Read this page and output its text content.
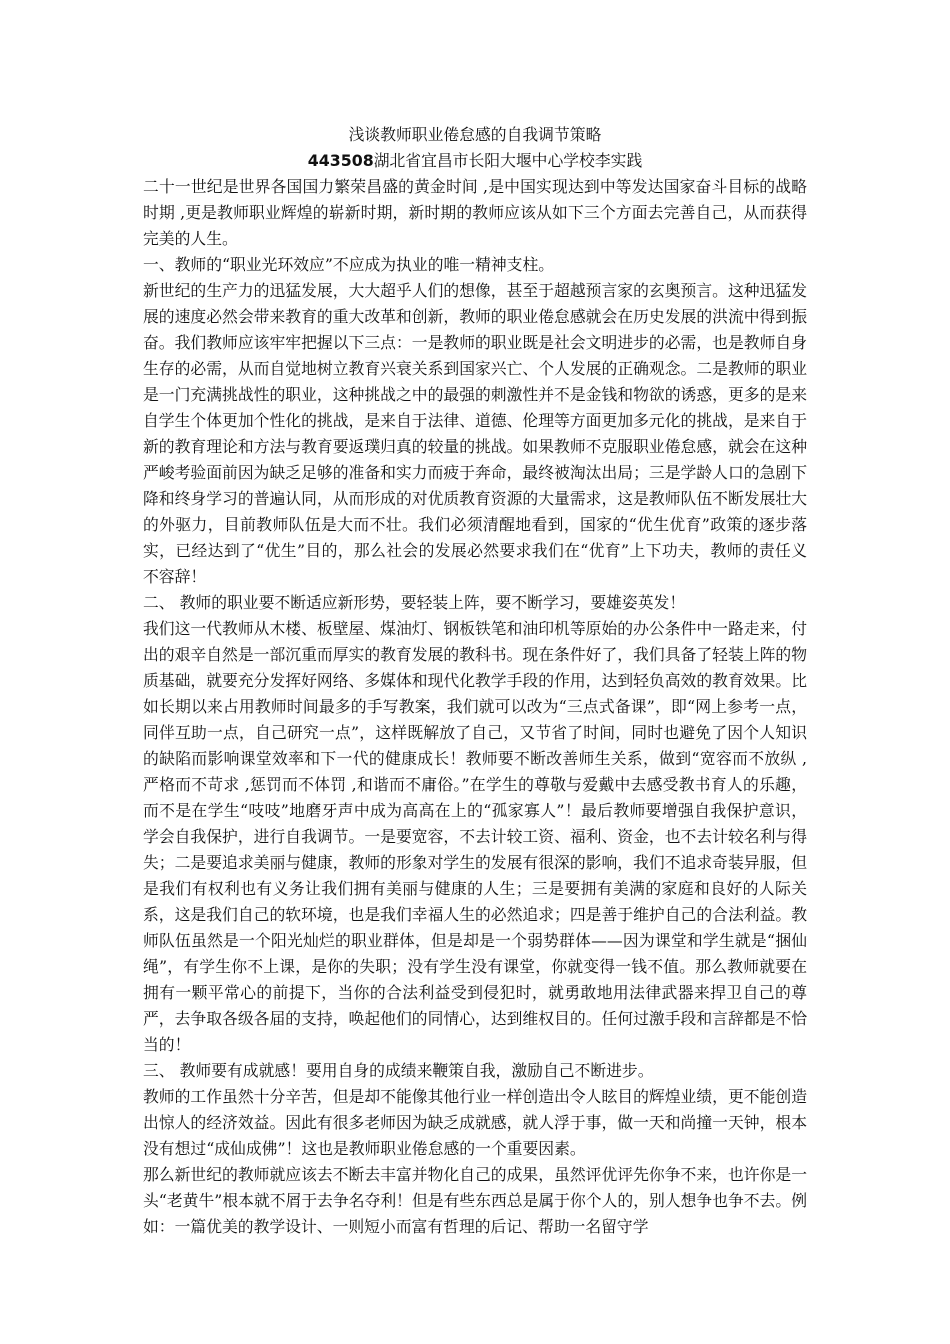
浅谈教师职业倦怠感的自我调节策略
443508湖北省宜昌市长阳大堰中心学校李实践

二十一世纪是世界各国国力繁荣昌盛的黄金时间 ,是中国实现达到中等发达国家奋斗目标的战略时期 ,更是教师职业辉煌的崭新时期，新时期的教师应该从如下三个方面去完善自己，从而获得完美的人生。

一、教师的“职业光环效应”不应成为执业的唯一精神支柱。

新世纪的生产力的迅猛发展，大大超乎人们的想像，甚至于超越预言家的玄奥预言。这种迅猛发展的速度必然会带来教育的重大改革和创新，教师的职业倦怠感就会在历史发展的洪流中得到振奋。我们教师应该牢牢把握以下三点：一是教师的职业既是社会文明进步的必需，也是教师自身生存的必需，从而自觉地树立教育兴衰关系到国家兴亡、个人发展的正确观念。二是教师的职业是一门充满挑战性的职业，这种挑战之中的最强的刺激性并不是金钱和物欲的诱惑，更多的是来自学生个体更加个性化的挑战，是来自于法律、道德、伦理等方面更加多元化的挑战，是来自于新的教育理论和方法与教育要返璞归真的较量的挑战。如果教师不克服职业倦怠感，就会在这种严峻考验面前因为缺乏足够的准备和实力而疲于奔命，最终被淘汰出局；三是学龄人口的急剧下降和终身学习的普遍认同，从而形成的对优质教育资源的大量需求，这是教师队伍不断发展壮大的外驱力，目前教师队伍是大而不壮。我们必须清醒地看到，国家的“优生优育”政策的逐步落实，已经达到了“优生”目的，那么社会的发展必然要求我们在“优育”上下功夫，教师的责任义不容辞！

二、 教师的职业要不断适应新形势，要轻装上阵，要不断学习，要雄姿英发！

我们这一代教师从木楼、板壁屋、煤油灯、钢板铁笔和油印机等原始的办公条件中一路走来，付出的艰辛自然是一部沉重而厚实的教育发展的教科书。现在条件好了，我们具备了轻装上阵的物质基础，就要充分发挥好网络、多媒体和现代化教学手段的作用，达到轻负高效的教育效果。比如长期以来占用教师时间最多的手写教案，我们就可以改为“三点式备课”，即“网上参考一点，同伴互助一点，自己研究一点”，这样既解放了自己，又节省了时间，同时也避免了因个人知识的缺陷而影响课堂效率和下一代的健康成长！教师要不断改善师生关系，做到“宽容而不放纵 ,严格而不苛求 ,惩罚而不体罚 ,和谐而不庸俗。”在学生的尊敬与爱戴中去感受教书育人的乐趣，而不是在学生“吱吱”地磨牙声中成为高高在上的“孤家寡人”！最后教师要增强自我保护意识，学会自我保护，进行自我调节。一是要宽容，不去计较工资、福利、资金，也不去计较名利与得失；二是要追求美丽与健康，教师的形象对学生的发展有很深的影响，我们不追求奇装异服，但是我们有权利也有义务让我们拥有美丽与健康的人生；三是要拥有美满的家庭和良好的人际关系，这是我们自己的软环境，也是我们幸福人生的必然追求；四是善于维护自己的合法利益。教师队伍虽然是一个阳光灿烂的职业群体，但是却是一个弱势群体——因为课堂和学生就是“捆仙绳”，有学生你不上课，是你的失职；没有学生没有课堂，你就变得一钱不值。那么教师就要在拥有一颗平常心的前提下，当你的合法利益受到侵犯时，就勇敢地用法律武器来捍卫自己的尊严，去争取各级各届的支持，唤起他们的同情心，达到维权目的。任何过激手段和言辞都是不恰当的！

三、 教师要有成就感！要用自身的成绩来鞭策自我，激励自己不断进步。

教师的工作虽然十分辛苦，但是却不能像其他行业一样创造出令人眩目的辉煌业绩，更不能创造出惊人的经济效益。因此有很多老师因为缺乏成就感，就人浮于事，做一天和尚撞一天钟，根本没有想过“成仙成佛”！这也是教师职业倦怠感的一个重要因素。

那么新世纪的教师就应该去不断去丰富并物化自己的成果，虽然评优评先你争不来，也许你是一头“老黄牛”根本就不屑于去争名夺利！但是有些东西总是属于你个人的，别人想争也争不去。例如：一篇优美的教学设计、一则短小而富有哲理的后记、帮助一名留守学
